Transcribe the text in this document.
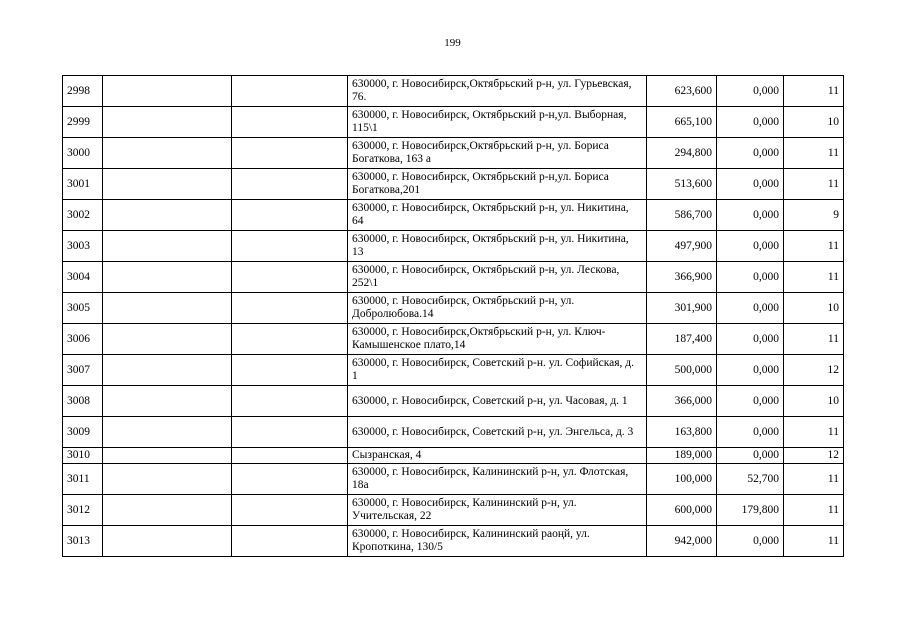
199
2998			630000, г. Новосибирск,Октябрьский р-н, ул. Гурьевская, 76.	623,600	0,000	11
2999			630000, г. Новосибирск, Октябрьский р-н,ул. Выборная, 115\1	665,100	0,000	10
3000			630000, г. Новосибирск,Октябрьский р-н, ул. Бориса Богаткова, 163 а	294,800	0,000	11
3001			630000, г. Новосибирск, Октябрьский р-н,ул. Бориса Богаткова,201	513,600	0,000	11
3002			630000, г. Новосибирск, Октябрьский р-н, ул. Никитина, 64	586,700	0,000	9
3003			630000, г. Новосибирск, Октябрьский р-н, ул. Никитина, 13	497,900	0,000	11
3004			630000, г. Новосибирск, Октябрьский р-н, ул. Лескова, 252\1	366,900	0,000	11
3005			630000, г. Новосибирск, Октябрьский р-н, ул. Добролюбова.14	301,900	0,000	10
3006			630000, г. Новосибирск,Октябрьский р-н, ул. Ключ-Камышенское плато,14	187,400	0,000	11
3007			630000, г. Новосибирск, Советский р-н. ул. Софийская, д. 1	500,000	0,000	12
3008			630000, г. Новосибирск, Советский р-н, ул. Часовая, д. 1	366,000	0,000	10
3009			630000, г. Новосибирск, Советский р-н, ул. Энгельса, д. 3	163,800	0,000	11
3010			Сызранская, 4	189,000	0,000	12
3011			630000, г. Новосибирск, Калининский р-н, ул. Флотская, 18а	100,000	52,700	11
3012			630000, г. Новосибирск, Калининский р-н, ул. Учительская, 22	600,000	179,800	11
3013			630000, г. Новосибирск, Калининский раоңй, ул. Кропоткина, 130/5	942,000	0,000	11
